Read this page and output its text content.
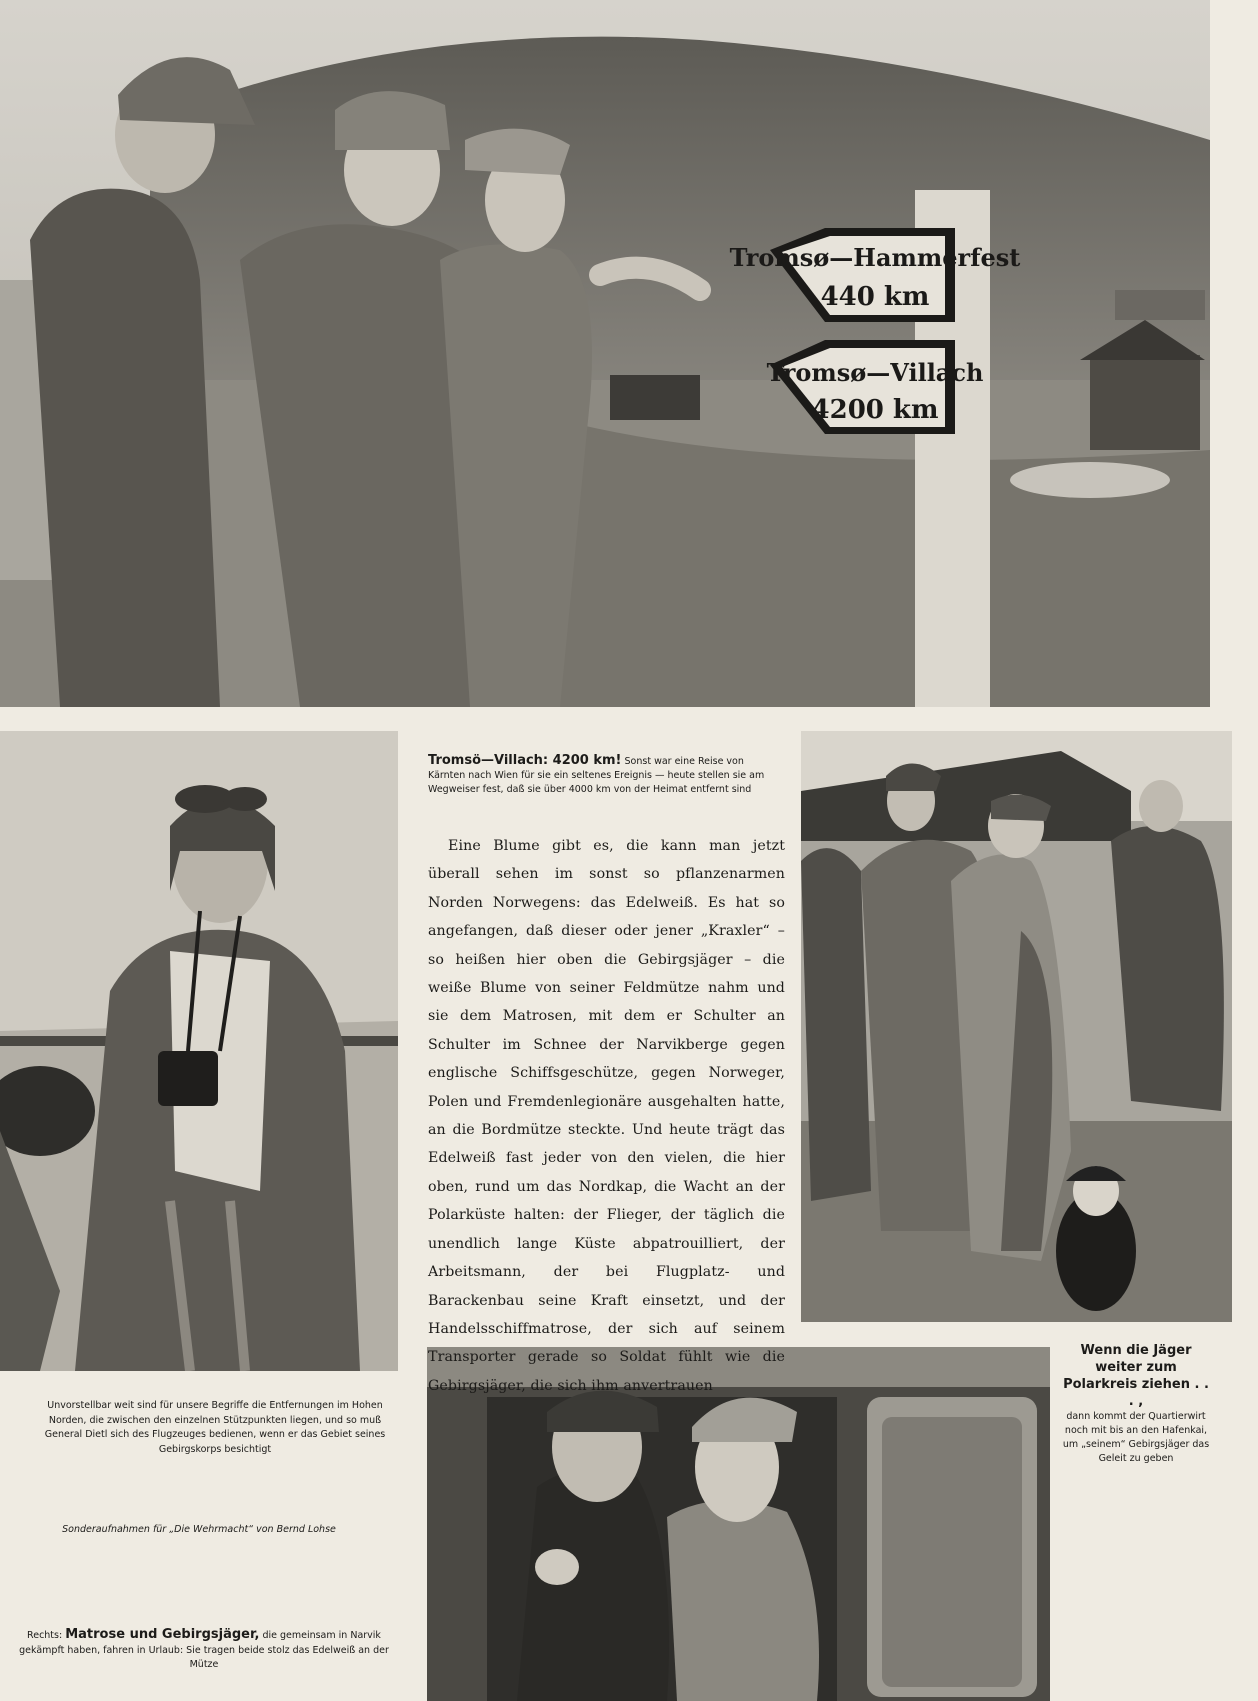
Tromsø—Hammerfest
440 km
Tromsø—Villach
4200 km
Tromsö—Villach: 4200 km! Sonst war eine Reise von Kärnten nach Wien für sie ein seltenes Ereignis — heute stellen sie am Wegweiser fest, daß sie über 4000 km von der Heimat entfernt sind
Eine Blume gibt es, die kann man jetzt überall sehen im sonst so pflanzenarmen Norden Norwegens: das Edelweiß. Es hat so angefangen, daß dieser oder jener „Kraxler“ – so heißen hier oben die Gebirgsjäger – die weiße Blume von seiner Feldmütze nahm und sie dem Matrosen, mit dem er Schulter an Schulter im Schnee der Narvikberge gegen englische Schiffsgeschütze, gegen Norweger, Polen und Fremdenlegionäre ausgehalten hatte, an die Bordmütze steckte. Und heute trägt das Edelweiß fast jeder von den vielen, die hier oben, rund um das Nordkap, die Wacht an der Polarküste halten: der Flieger, der täglich die unendlich lange Küste abpatrouilliert, der Arbeitsmann, der bei Flugplatz- und Barackenbau seine Kraft einsetzt, und der Handelsschiffmatrose, der sich auf seinem Transporter gerade so Soldat fühlt wie die Gebirgsjäger, die sich ihm anvertrauen
Unvorstellbar weit sind für unsere Begriffe die Entfernungen im Hohen Norden, die zwischen den einzelnen Stützpunkten liegen, und so muß General Dietl sich des Flugzeuges bedienen, wenn er das Gebiet seines Gebirgskorps besichtigt
Sonderaufnahmen für „Die Wehrmacht“ von Bernd Lohse
Rechts: Matrose und Gebirgsjäger, die gemeinsam in Narvik gekämpft haben, fahren in Urlaub: Sie tragen beide stolz das Edelweiß an der Mütze
Wenn die Jäger weiter zum Polarkreis ziehen . . . ,
dann kommt der Quartierwirt noch mit bis an den Hafenkai, um „seinem“ Gebirgsjäger das Geleit zu geben
